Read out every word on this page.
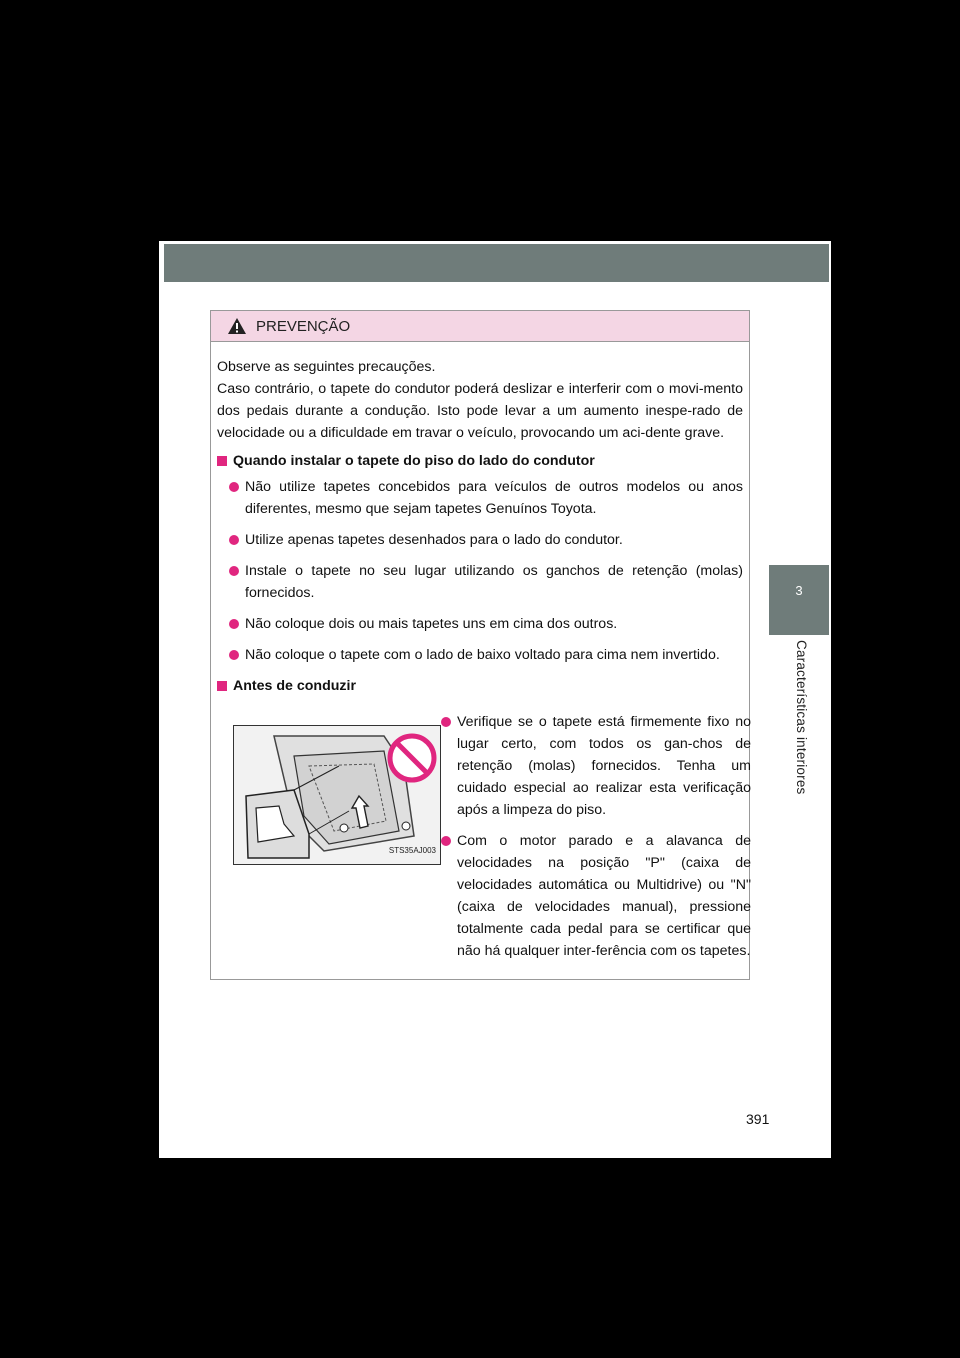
3
Características interiores
PREVENÇÃO

Observe as seguintes precauções.
Caso contrário, o tapete do condutor poderá deslizar e interferir com o movi-mento dos pedais durante a condução. Isto pode levar a um aumento inespe-rado de velocidade ou a dificuldade em travar o veículo, provocando um aci-dente grave.

Quando instalar o tapete do piso do lado do condutor
Não utilize tapetes concebidos para veículos de outros modelos ou anos diferentes, mesmo que sejam tapetes Genuínos Toyota.
Utilize apenas tapetes desenhados para o lado do condutor.
Instale o tapete no seu lugar utilizando os ganchos de retenção (molas) fornecidos.
Não coloque dois ou mais tapetes uns em cima dos outros.
Não coloque o tapete com o lado de baixo voltado para cima nem invertido.
Antes de conduzir
STS35AJ003
Verifique se o tapete está firmemente fixo no lugar certo, com todos os gan-chos de retenção (molas) fornecidos. Tenha um cuidado especial ao realizar esta verificação após a limpeza do piso.
Com o motor parado e a alavanca de velocidades na posição "P" (caixa de velocidades automática ou Multidrive) ou "N" (caixa de velocidades manual), pressione totalmente cada pedal para se certificar que não há qualquer inter-ferência com os tapetes.
391
